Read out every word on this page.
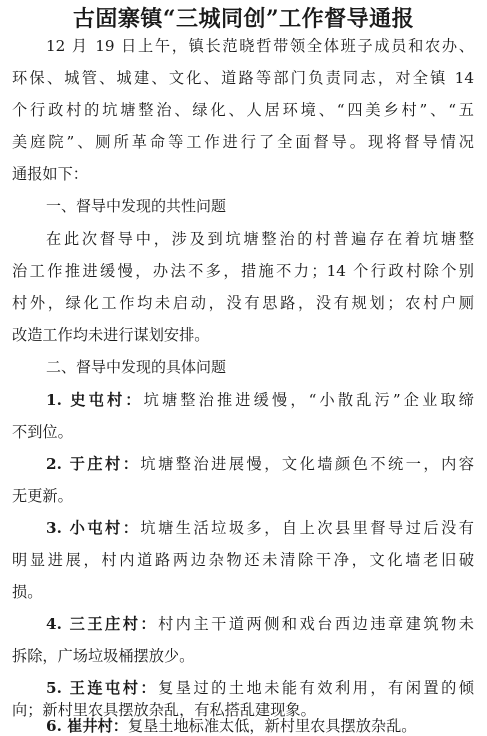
古固寨镇“三城同创”工作督导通报
12 月 19 日上午，镇长范晓哲带领全体班子成员和农办、
环保、城管、城建、文化、道路等部门负责同志，对全镇 14
个行政村的坑塘整治、绿化、人居环境、“四美乡村”、“五
美庭院”、厕所革命等工作进行了全面督导。现将督导情况
通报如下：
一、督导中发现的共性问题
在此次督导中，涉及到坑塘整治的村普遍存在着坑塘整
治工作推进缓慢，办法不多，措施不力；14 个行政村除个别
村外，绿化工作均未启动，没有思路，没有规划；农村户厕
改造工作均未进行谋划安排。
二、督导中发现的具体问题
1. 史屯村：坑塘整治推进缓慢，“小散乱污”企业取缔
不到位。
2. 于庄村：坑塘整治进展慢，文化墙颜色不统一，内容
无更新。
3. 小屯村：坑塘生活垃圾多，自上次县里督导过后没有
明显进展，村内道路两边杂物还未清除干净，文化墙老旧破
损。
4. 三王庄村：村内主干道两侧和戏台西边违章建筑物未
拆除，广场垃圾桶摆放少。
5. 王连屯村：复垦过的土地未能有效利用，有闲置的倾
向；新村里农具摆放杂乱，有私搭乱建现象。
6. 崔井村：复垦土地标准太低，新村里农具摆放杂乱。
